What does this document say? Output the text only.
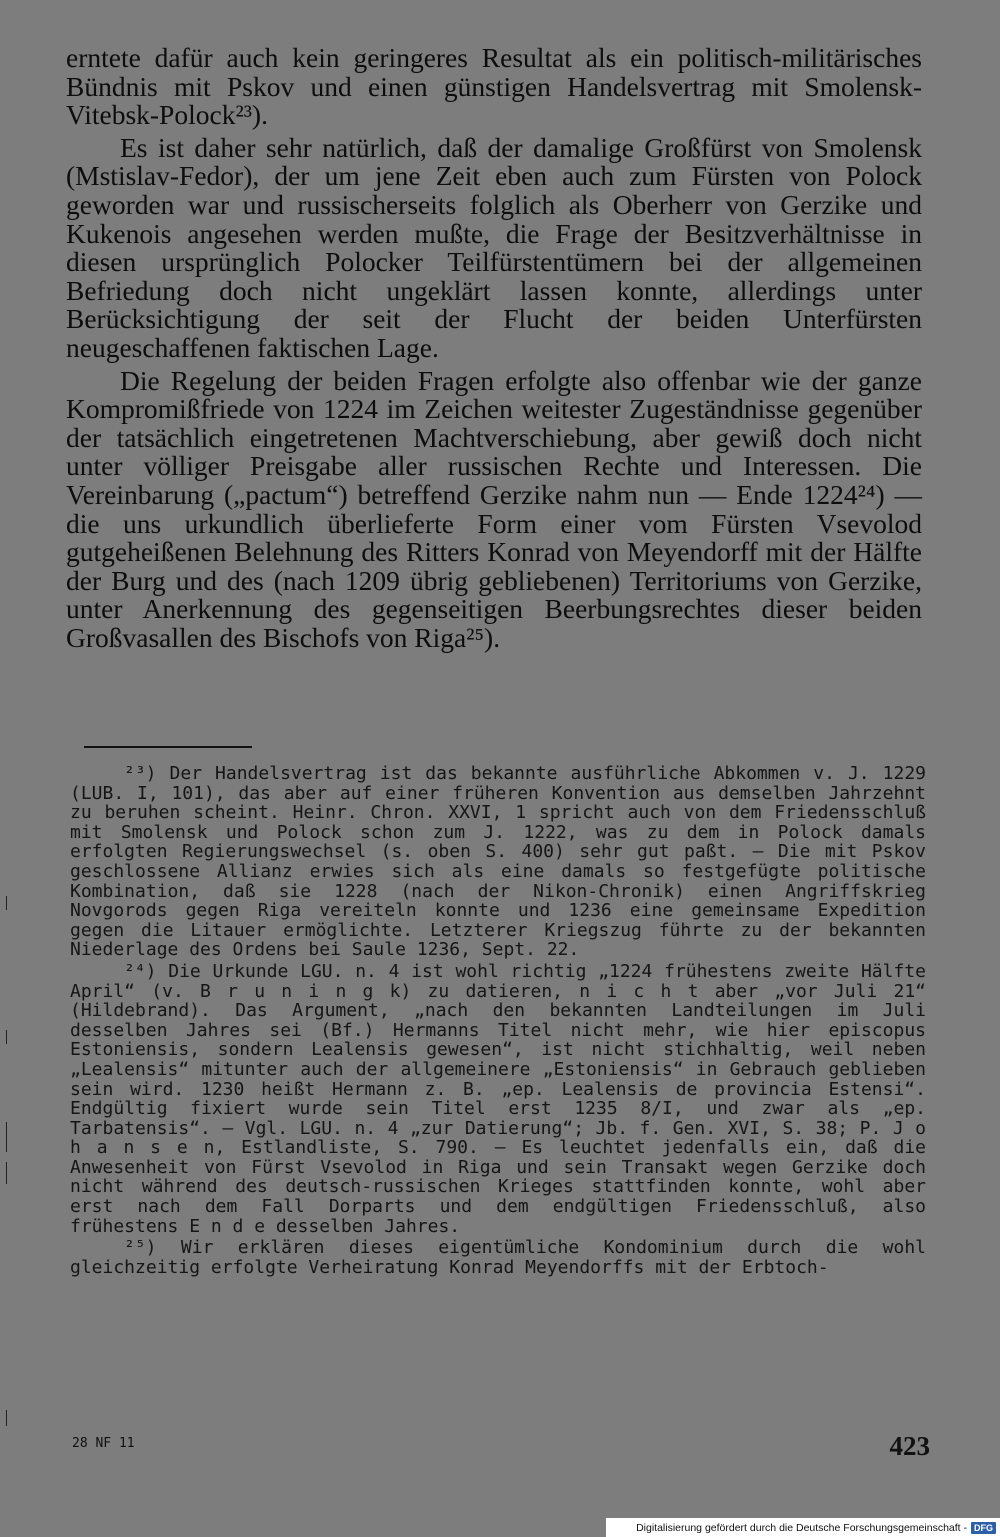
erntete dafür auch kein geringeres Resultat als ein politisch-militärisches Bündnis mit Pskov und einen günstigen Handelsvertrag mit Smolensk-Vitebsk-Polock²³).

Es ist daher sehr natürlich, daß der damalige Großfürst von Smolensk (Mstislav-Fedor), der um jene Zeit eben auch zum Fürsten von Polock geworden war und russischerseits folglich als Oberherr von Gerzike und Kukenois angesehen werden mußte, die Frage der Besitzverhältnisse in diesen ursprünglich Polocker Teilfürstentümern bei der allgemeinen Befriedung doch nicht ungeklärt lassen konnte, allerdings unter Berücksichtigung der seit der Flucht der beiden Unterfürsten neugeschaffenen faktischen Lage.

Die Regelung der beiden Fragen erfolgte also offenbar wie der ganze Kompromißfriede von 1224 im Zeichen weitester Zugeständnisse gegenüber der tatsächlich eingetretenen Machtverschiebung, aber gewiß doch nicht unter völliger Preisgabe aller russischen Rechte und Interessen. Die Vereinbarung („pactum“) betreffend Gerzike nahm nun — Ende 1224²⁴) — die uns urkundlich überlieferte Form einer vom Fürsten Vsevolod gutgeheißenen Belehnung des Ritters Konrad von Meyendorff mit der Hälfte der Burg und des (nach 1209 übrig gebliebenen) Territoriums von Gerzike, unter Anerkennung des gegenseitigen Beerbungsrechtes dieser beiden Großvasallen des Bischofs von Riga²⁵).

²³) Der Handelsvertrag ist das bekannte ausführliche Abkommen v. J. 1229 (LUB. I, 101), das aber auf einer früheren Konvention aus demselben Jahrzehnt zu beruhen scheint. Heinr. Chron. XXVI, 1 spricht auch von dem Friedensschluß mit Smolensk und Polock schon zum J. 1222, was zu dem in Polock damals erfolgten Regierungswechsel (s. oben S. 400) sehr gut paßt. — Die mit Pskov geschlossene Allianz erwies sich als eine damals so festgefügte politische Kombination, daß sie 1228 (nach der Nikon-Chronik) einen Angriffskrieg Novgorods gegen Riga vereiteln konnte und 1236 eine gemeinsame Expedition gegen die Litauer ermöglichte. Letzterer Kriegszug führte zu der bekannten Niederlage des Ordens bei Saule 1236, Sept. 22.

²⁴) Die Urkunde LGU. n. 4 ist wohl richtig „1224 frühestens zweite Hälfte April“ (v. B r u n i n g k) zu datieren, n i c h t aber „vor Juli 21“ (Hildebrand). Das Argument, „nach den bekannten Landteilungen im Juli desselben Jahres sei (Bf.) Hermanns Titel nicht mehr, wie hier episcopus Estoniensis, sondern Lealensis gewesen“, ist nicht stichhaltig, weil neben „Lealensis“ mitunter auch der allgemeinere „Estoniensis“ in Gebrauch geblieben sein wird. 1230 heißt Hermann z. B. „ep. Lealensis de provincia Estensi“. Endgültig fixiert wurde sein Titel erst 1235 8/I, und zwar als „ep. Tarbatensis“. — Vgl. LGU. n. 4 „zur Datierung“; Jb. f. Gen. XVI, S. 38; P. J o h a n s e n, Estlandliste, S. 790. — Es leuchtet jedenfalls ein, daß die Anwesenheit von Fürst Vsevolod in Riga und sein Transakt wegen Gerzike doch nicht während des deutsch-russischen Krieges stattfinden konnte, wohl aber erst nach dem Fall Dorparts und dem endgültigen Friedensschluß, also frühestens E n d e desselben Jahres.

²⁵) Wir erklären dieses eigentümliche Kondominium durch die wohl gleichzeitig erfolgte Verheiratung Konrad Meyendorffs mit der Erbtoch-

28 NF 11	423
Digitalisierung gefördert durch die Deutsche Forschungsgemeinschaft - DFG
